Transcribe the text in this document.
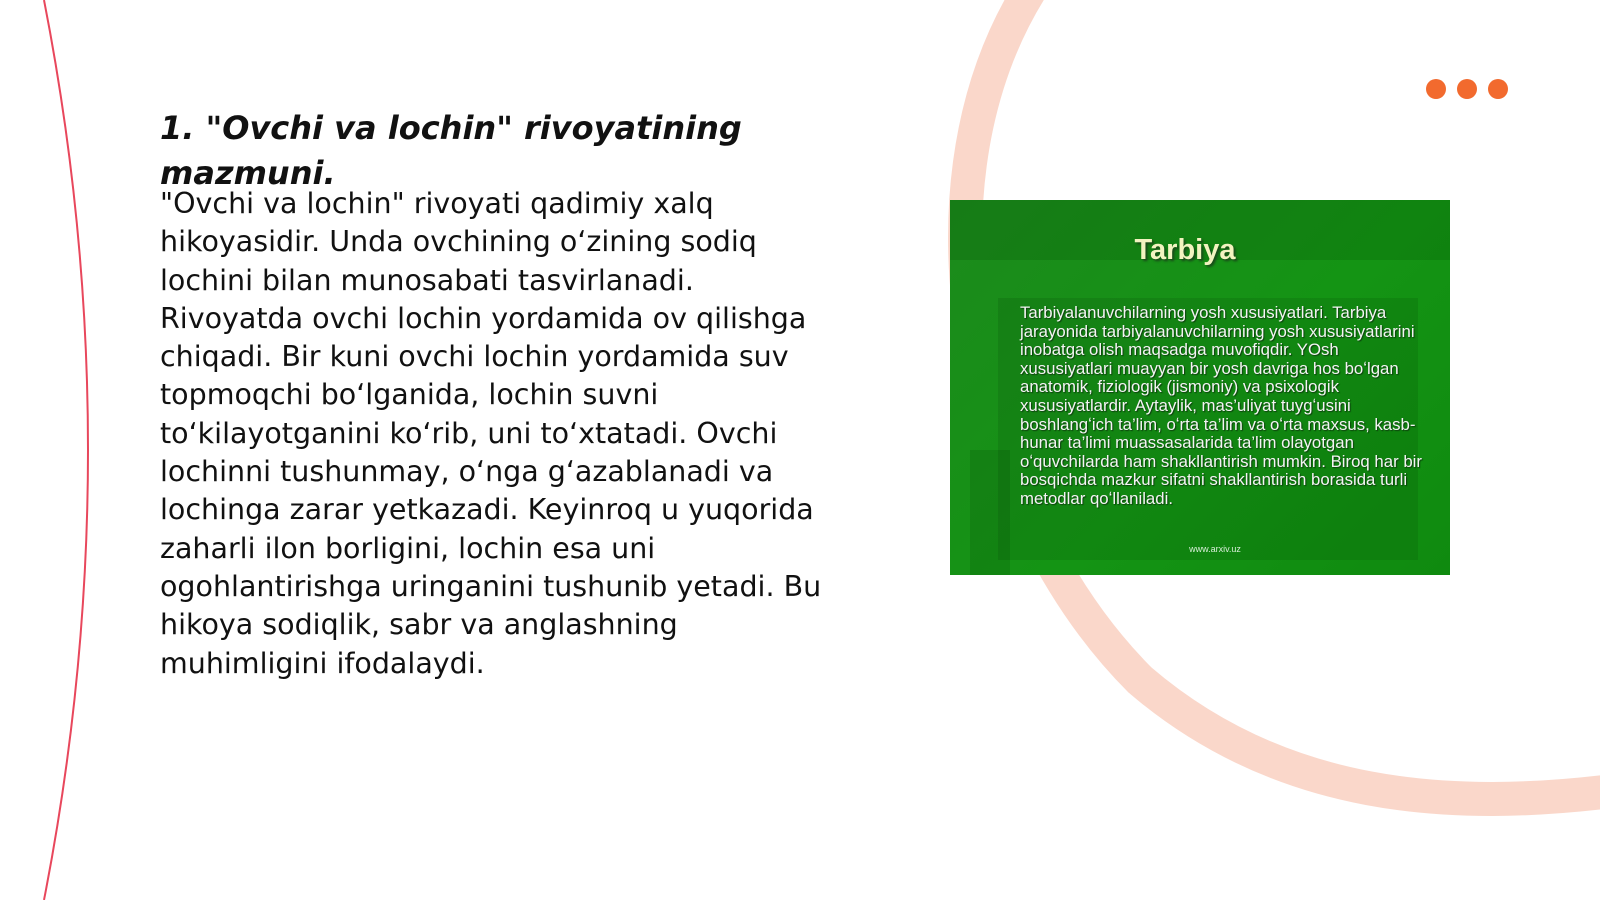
1. "Ovchi va lochin" rivoyatining mazmuni.

"Ovchi va lochin" rivoyati qadimiy xalq hikoyasidir. Unda ovchining oʻzining sodiq lochini bilan munosabati tasvirlanadi. Rivoyatda ovchi lochin yordamida ov qilishga chiqadi. Bir kuni ovchi lochin yordamida suv topmoqchi boʻlganida, lochin suvni toʻkilayotganini koʻrib, uni toʻxtatadi. Ovchi lochinni tushunmay, oʻnga gʻazablanadi va lochinga zarar yetkazadi. Keyinroq u yuqorida zaharli ilon borligini, lochin esa uni ogohlantirishga uringanini tushunib yetadi. Bu hikoya sodiqlik, sabr va anglashning muhimligini ifodalaydi.

Tarbiya

Tarbiyalanuvchilarning yosh xususiyatlari. Tarbiya jarayonida tarbiyalanuvchilarning yosh xususiyatlarini inobatga olish maqsadga muvofiqdir. YOsh xususiyatlari muayyan bir yosh davriga hos boʻlgan anatomik, fiziologik (jismoniy) va psixologik xususiyatlardir. Aytaylik, mas’uliyat tuygʻusini boshlangʻich ta’lim, oʻrta ta’lim va oʻrta maxsus, kasb-hunar ta’limi muassasalarida ta’lim olayotgan oʻquvchilarda ham shakllantirish mumkin. Biroq har bir bosqichda mazkur sifatni shakllantirish borasida turli metodlar qoʻllaniladi.

www.arxiv.uz
